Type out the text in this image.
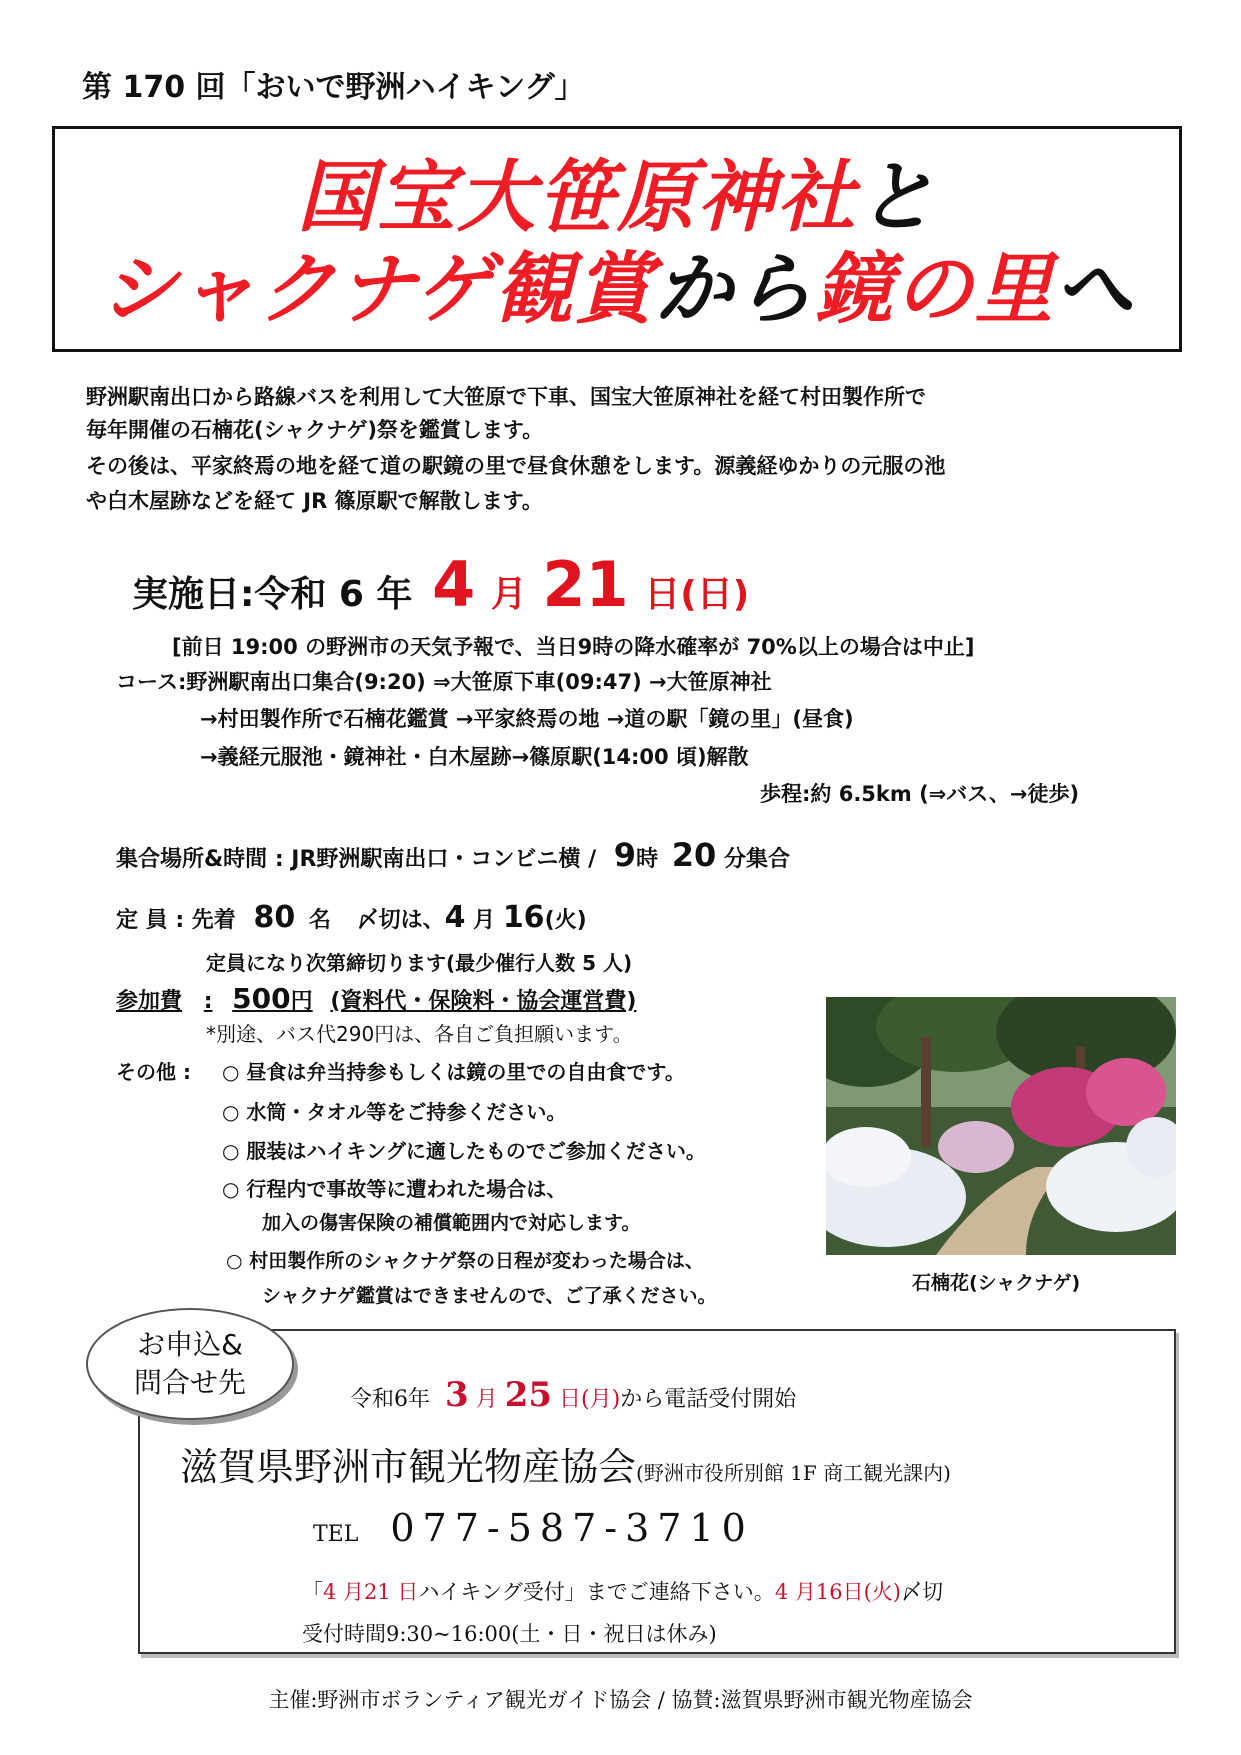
第 170 回「おいで野洲ハイキング」
国宝大笹原神社と
シャクナゲ観賞から鏡の里へ
野洲駅南出口から路線バスを利用して大笹原で下車、国宝大笹原神社を経て村田製作所で
毎年開催の石楠花(シャクナゲ)祭を鑑賞します。
その後は、平家終焉の地を経て道の駅鏡の里で昼食休憩をします。源義経ゆかりの元服の池
や白木屋跡などを経て JR 篠原駅で解散します。
実施日:令和 6 年 4 月 21 日(日)
[前日 19:00 の野洲市の天気予報で、当日9時の降水確率が 70%以上の場合は中止]
コース:野洲駅南出口集合(9:20) ⇒大笹原下車(09:47) →大笹原神社
→村田製作所で石楠花鑑賞 →平家終焉の地 →道の駅「鏡の里」(昼食)
→義経元服池・鏡神社・白木屋跡→篠原駅(14:00 頃)解散
歩程:約 6.5km (⇒バス、→徒歩)
集合場所&時間 : JR野洲駅南出口・コンビニ横 / 9時 20 分集合
定 員 : 先着 80 名 〆切は、4 月 16(火)
定員になり次第締切ります(最少催行人数 5 人)
参加費 : 500円 (資料代・保険料・協会運営費)
*別途、バス代290円は、各自ご負担願います。
その他 : ○ 昼食は弁当持参もしくは鏡の里での自由食です。
○ 水筒・タオル等をご持参ください。
○ 服装はハイキングに適したものでご参加ください。
○ 行程内で事故等に遭われた場合は、
加入の傷害保険の補償範囲内で対応します。
○ 村田製作所のシャクナゲ祭の日程が変わった場合は、
シャクナゲ鑑賞はできませんので、ご了承ください。
石楠花(シャクナゲ)
お申込&
問合せ先
令和6年 3 月 25 日(月)から電話受付開始
滋賀県野洲市観光物産協会(野洲市役所別館 1F 商工観光課内)
TEL 077-587-3710
「4 月21 日ハイキング受付」までご連絡下さい。4 月16日(火)〆切
受付時間9:30~16:00(土・日・祝日は休み)
主催:野洲市ボランティア観光ガイド協会 / 協賛:滋賀県野洲市観光物産協会
